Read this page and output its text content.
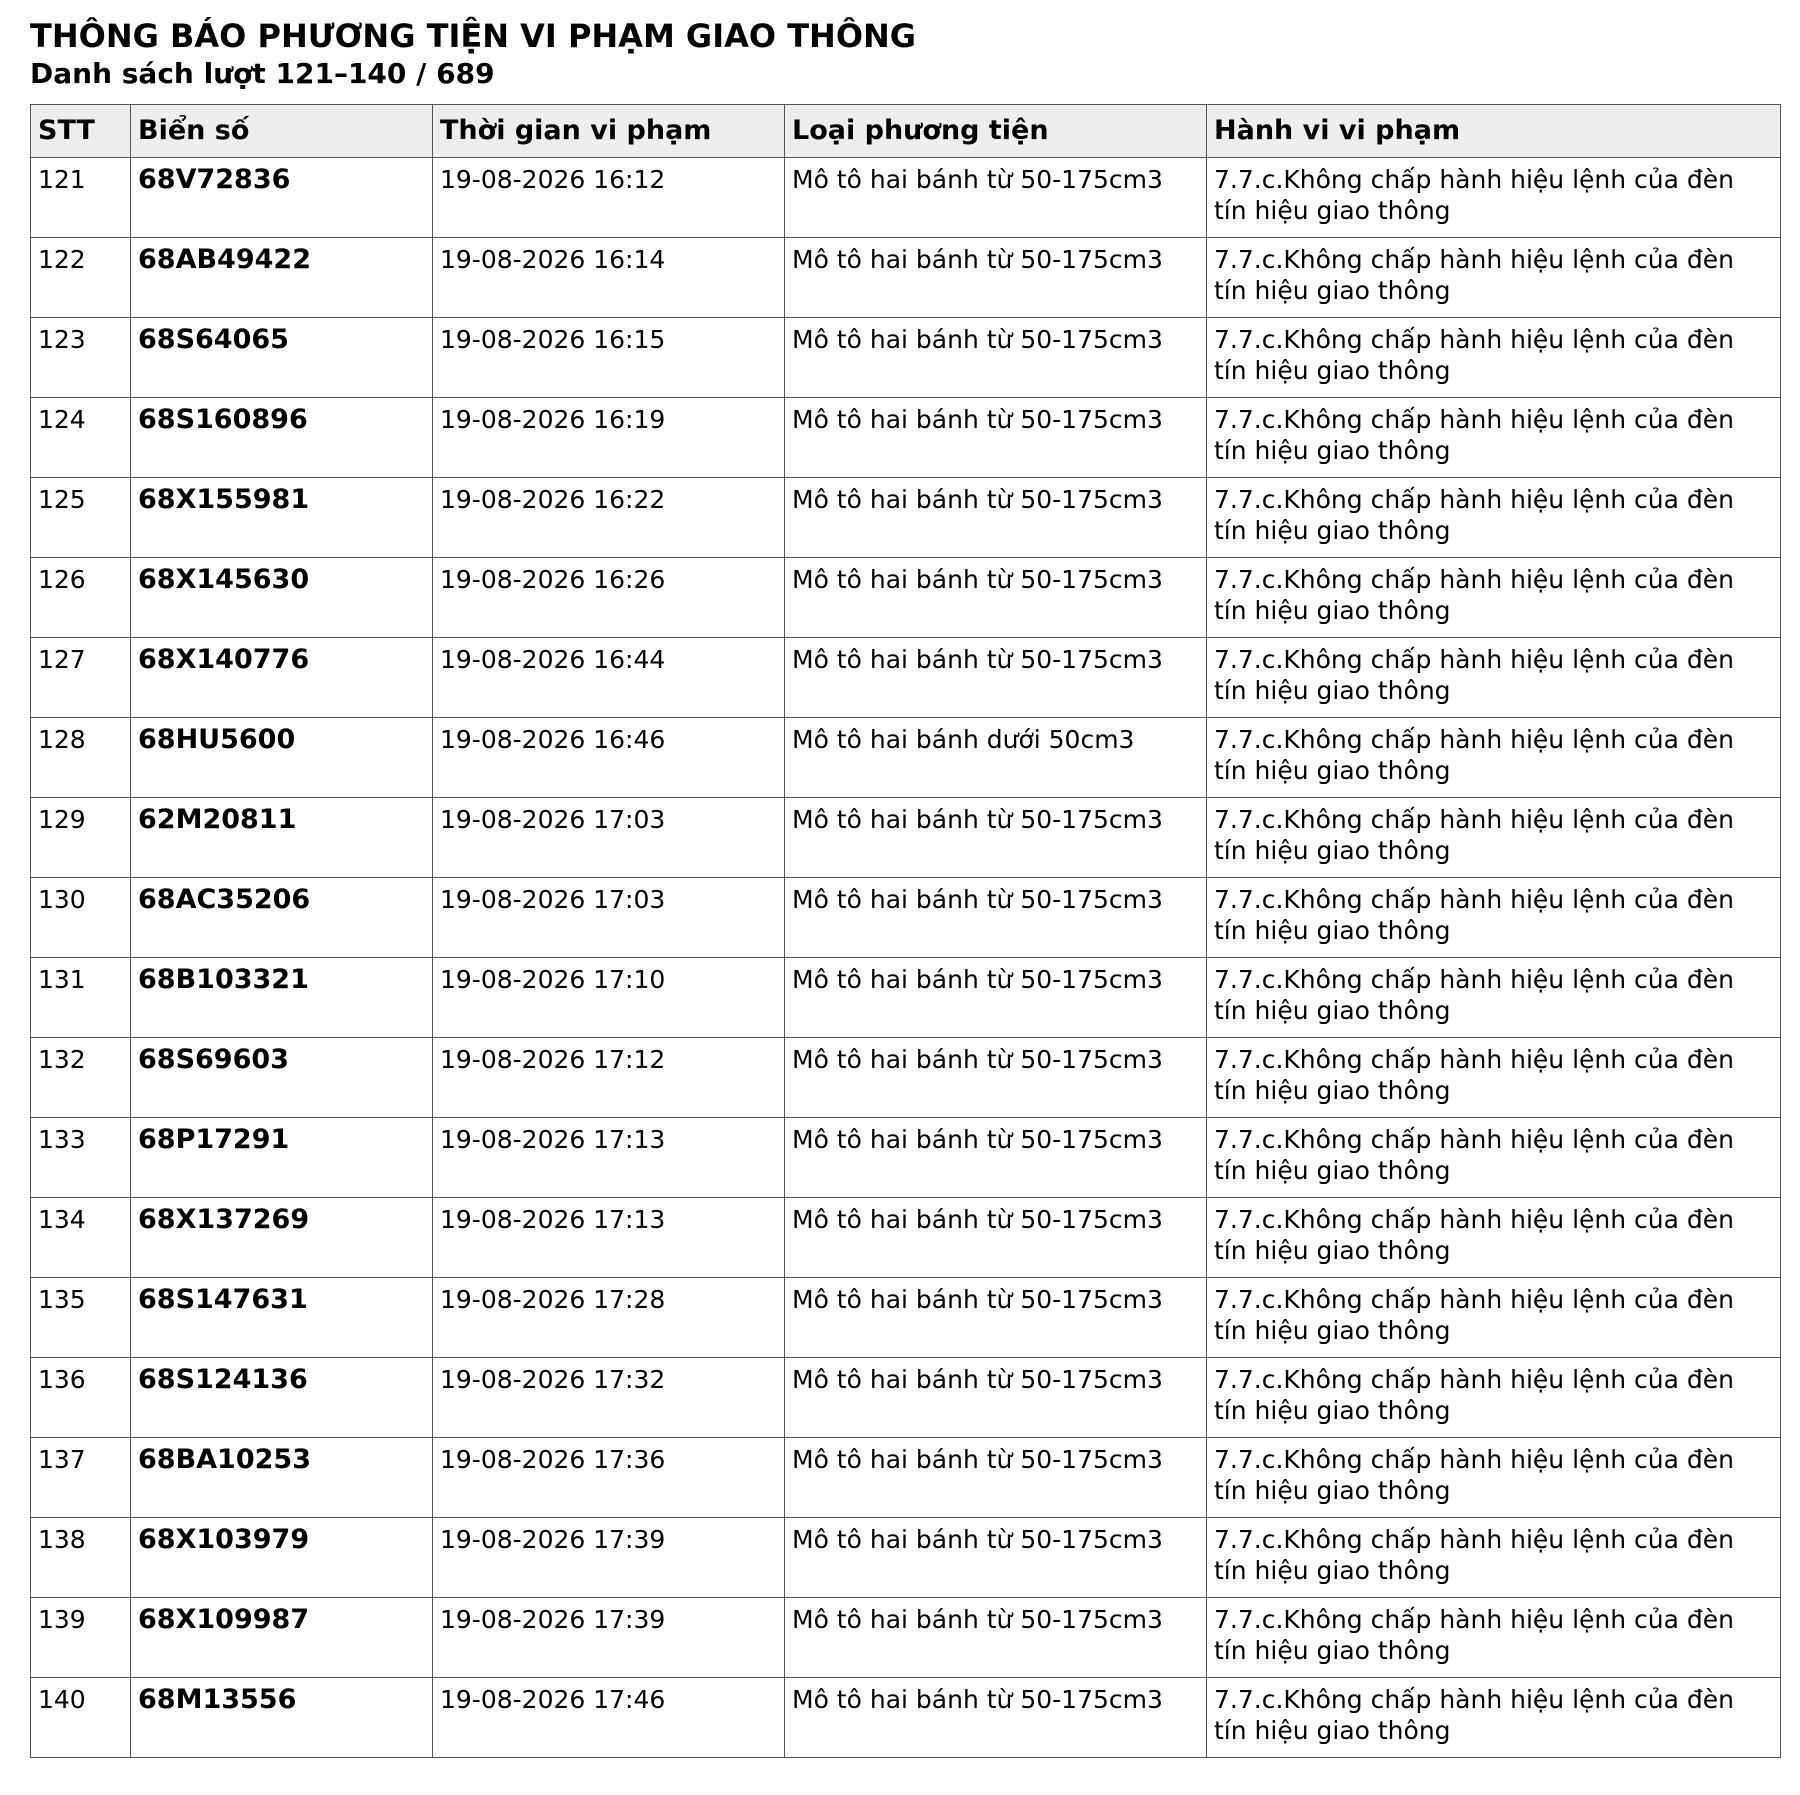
THÔNG BÁO PHƯƠNG TIỆN VI PHẠM GIAO THÔNG
Danh sách lượt 121–140 / 689
STT	Biển số	Thời gian vi phạm	Loại phương tiện	Hành vi vi phạm
121	68V72836	19-08-2026 16:12	Mô tô hai bánh từ 50-175cm3	7.7.c.Không chấp hành hiệu lệnh của đèn tín hiệu giao thông
122	68AB49422	19-08-2026 16:14	Mô tô hai bánh từ 50-175cm3	7.7.c.Không chấp hành hiệu lệnh của đèn tín hiệu giao thông
123	68S64065	19-08-2026 16:15	Mô tô hai bánh từ 50-175cm3	7.7.c.Không chấp hành hiệu lệnh của đèn tín hiệu giao thông
124	68S160896	19-08-2026 16:19	Mô tô hai bánh từ 50-175cm3	7.7.c.Không chấp hành hiệu lệnh của đèn tín hiệu giao thông
125	68X155981	19-08-2026 16:22	Mô tô hai bánh từ 50-175cm3	7.7.c.Không chấp hành hiệu lệnh của đèn tín hiệu giao thông
126	68X145630	19-08-2026 16:26	Mô tô hai bánh từ 50-175cm3	7.7.c.Không chấp hành hiệu lệnh của đèn tín hiệu giao thông
127	68X140776	19-08-2026 16:44	Mô tô hai bánh từ 50-175cm3	7.7.c.Không chấp hành hiệu lệnh của đèn tín hiệu giao thông
128	68HU5600	19-08-2026 16:46	Mô tô hai bánh dưới 50cm3	7.7.c.Không chấp hành hiệu lệnh của đèn tín hiệu giao thông
129	62M20811	19-08-2026 17:03	Mô tô hai bánh từ 50-175cm3	7.7.c.Không chấp hành hiệu lệnh của đèn tín hiệu giao thông
130	68AC35206	19-08-2026 17:03	Mô tô hai bánh từ 50-175cm3	7.7.c.Không chấp hành hiệu lệnh của đèn tín hiệu giao thông
131	68B103321	19-08-2026 17:10	Mô tô hai bánh từ 50-175cm3	7.7.c.Không chấp hành hiệu lệnh của đèn tín hiệu giao thông
132	68S69603	19-08-2026 17:12	Mô tô hai bánh từ 50-175cm3	7.7.c.Không chấp hành hiệu lệnh của đèn tín hiệu giao thông
133	68P17291	19-08-2026 17:13	Mô tô hai bánh từ 50-175cm3	7.7.c.Không chấp hành hiệu lệnh của đèn tín hiệu giao thông
134	68X137269	19-08-2026 17:13	Mô tô hai bánh từ 50-175cm3	7.7.c.Không chấp hành hiệu lệnh của đèn tín hiệu giao thông
135	68S147631	19-08-2026 17:28	Mô tô hai bánh từ 50-175cm3	7.7.c.Không chấp hành hiệu lệnh của đèn tín hiệu giao thông
136	68S124136	19-08-2026 17:32	Mô tô hai bánh từ 50-175cm3	7.7.c.Không chấp hành hiệu lệnh của đèn tín hiệu giao thông
137	68BA10253	19-08-2026 17:36	Mô tô hai bánh từ 50-175cm3	7.7.c.Không chấp hành hiệu lệnh của đèn tín hiệu giao thông
138	68X103979	19-08-2026 17:39	Mô tô hai bánh từ 50-175cm3	7.7.c.Không chấp hành hiệu lệnh của đèn tín hiệu giao thông
139	68X109987	19-08-2026 17:39	Mô tô hai bánh từ 50-175cm3	7.7.c.Không chấp hành hiệu lệnh của đèn tín hiệu giao thông
140	68M13556	19-08-2026 17:46	Mô tô hai bánh từ 50-175cm3	7.7.c.Không chấp hành hiệu lệnh của đèn tín hiệu giao thông
